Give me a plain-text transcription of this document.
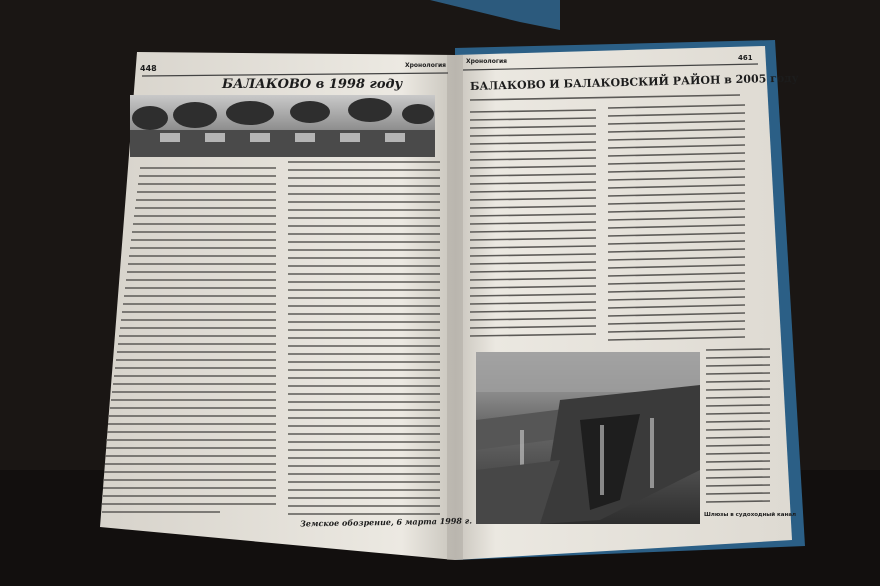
448	Хронология
БАЛАКОВО в 1998 году
Земское обозрение, 6 марта 1998 г.
Хронология	461
БАЛАКОВО И БАЛАКОВСКИЙ РАЙОН в 2005 году
Шлюзы в судоходный канал
